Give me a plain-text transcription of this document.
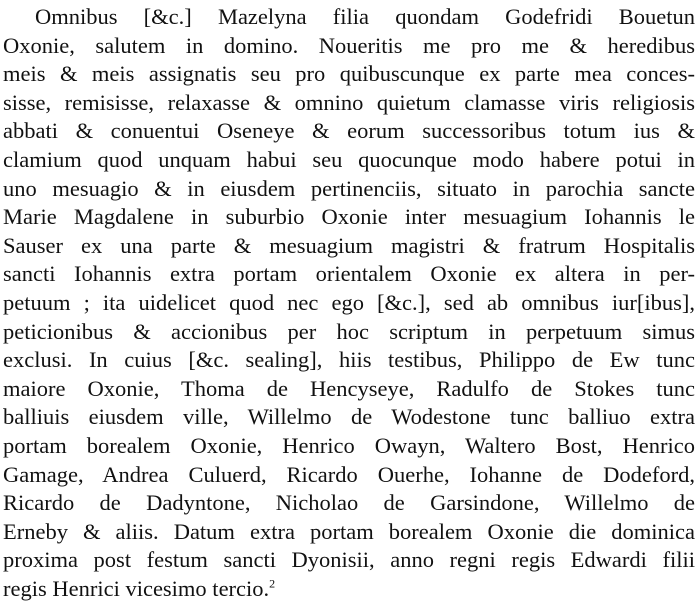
Omnibus [&c.] Mazelyna filia quondam Godefridi Bouetun
Oxonie, salutem in domino. Noueritis me pro me & heredibus
meis & meis assignatis seu pro quibuscunque ex parte mea conces-
sisse, remisisse, relaxasse & omnino quietum clamasse viris religiosis
abbati & conuentui Oseneye & eorum successoribus totum ius &
clamium quod unquam habui seu quocunque modo habere potui in
uno mesuagio & in eiusdem pertinenciis, situato in parochia sancte
Marie Magdalene in suburbio Oxonie inter mesuagium Iohannis le
Sauser ex una parte & mesuagium magistri & fratrum Hospitalis
sancti Iohannis extra portam orientalem Oxonie ex altera in per-
petuum ; ita uidelicet quod nec ego [&c.], sed ab omnibus iur[ibus],
peticionibus & accionibus per hoc scriptum in perpetuum simus
exclusi. In cuius [&c. sealing], hiis testibus, Philippo de Ew tunc
maiore Oxonie, Thoma de Hencyseye, Radulfo de Stokes tunc
balliuis eiusdem ville, Willelmo de Wodestone tunc balliuo extra
portam borealem Oxonie, Henrico Owayn, Waltero Bost, Henrico
Gamage, Andrea Culuerd, Ricardo Ouerhe, Iohanne de Dodeford,
Ricardo de Dadyntone, Nicholao de Garsindone, Willelmo de
Erneby & aliis. Datum extra portam borealem Oxonie die dominica
proxima post festum sancti Dyonisii, anno regni regis Edwardi filii
regis Henrici vicesimo tercio.$^2$
